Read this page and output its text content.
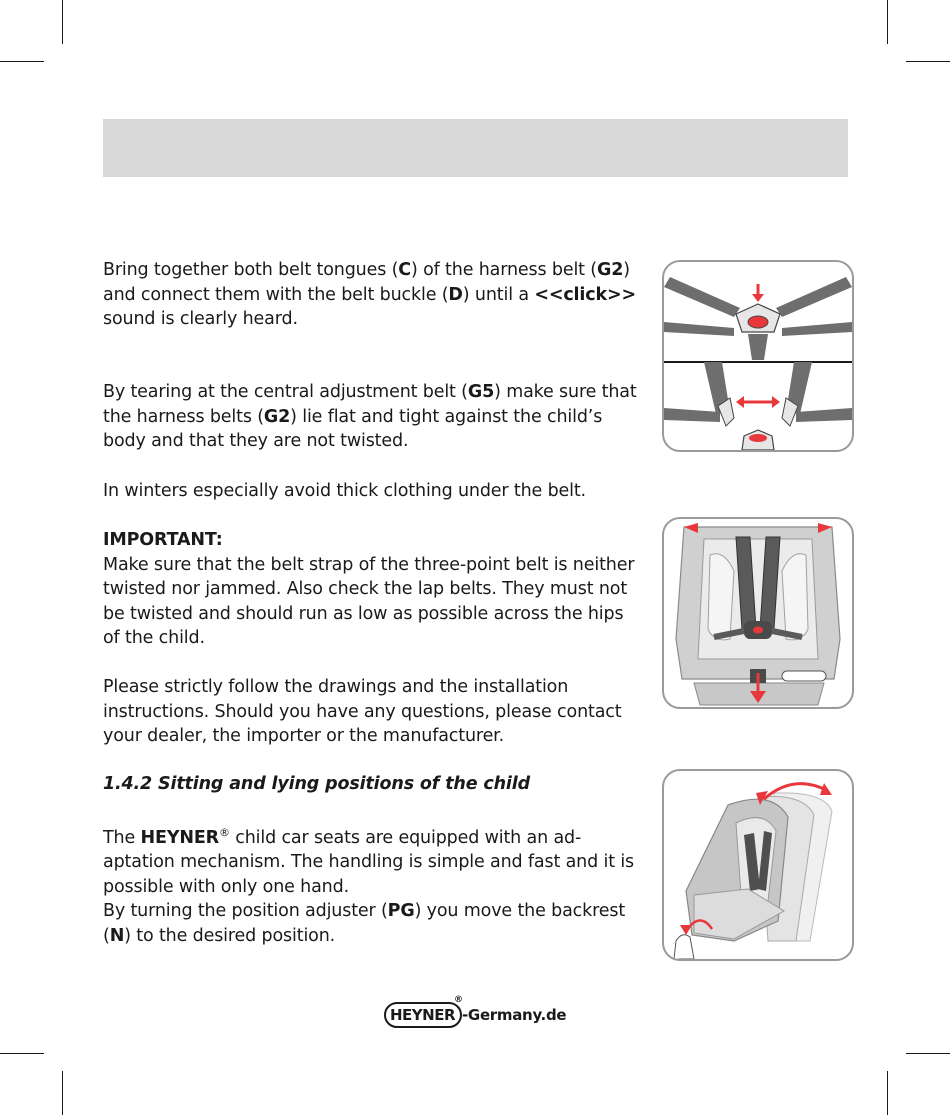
Bring together both belt tongues (C) of the harness belt (G2) and connect them with the belt buckle (D) until a <<click>> sound is clearly heard.

By tearing at the central adjustment belt (G5) make sure that the harness belts (G2) lie flat and tight against the child’s body and that they are not twisted.

In winters especially avoid thick clothing under the belt.

IMPORTANT:
Make sure that the belt strap of the three-point belt is neither twisted nor jammed. Also check the lap belts. They must not be twisted and should run as low as possible across the hips of the child.

Please strictly follow the drawings and the installation instructions. Should you have any questions, please contact your dealer, the importer or the manufacturer.

1.4.2 Sitting and lying positions of the child

The HEYNER® child car seats are equipped with an ad-aptation mechanism. The handling is simple and fast and it is possible with only one hand.
By turning the position adjuster (PG) you move the backrest (N) to the desired position.
HEYNER
®
-Germany.de
